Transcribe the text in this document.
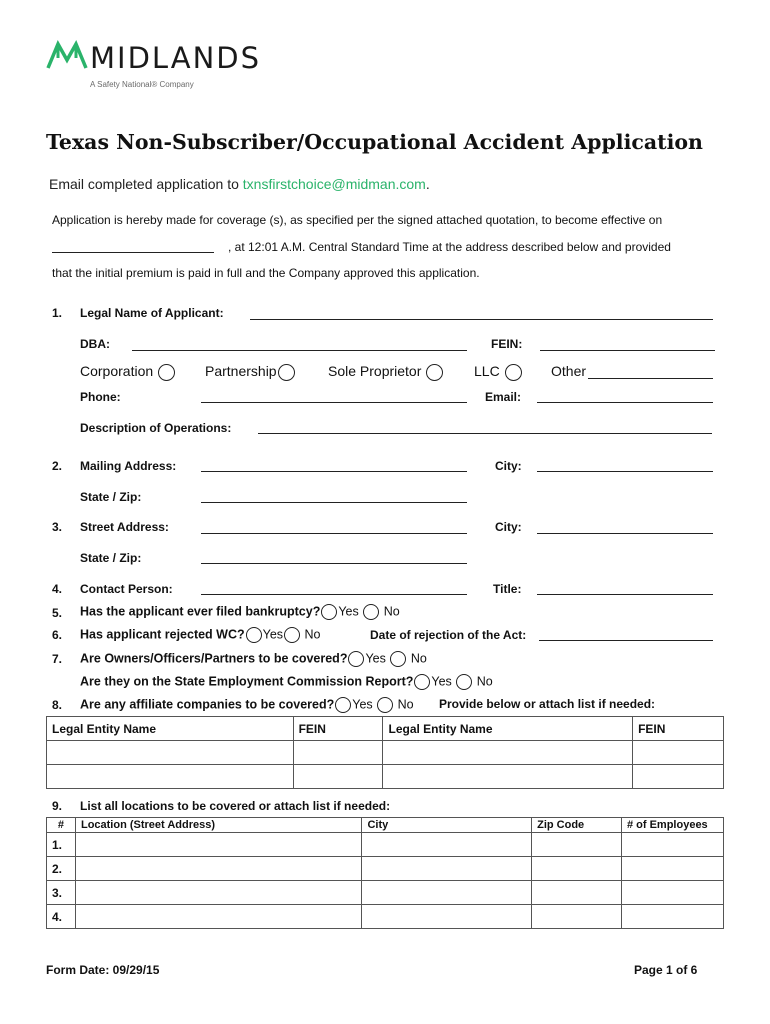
MIDLANDS
A Safety National® Company
Texas Non-Subscriber/Occupational Accident Application
Email completed application to txnsfirstchoice@midman.com.
Application is hereby made for coverage (s), as specified per the signed attached quotation, to become effective on
, at 12:01 A.M. Central Standard Time at the address described below and provided
that the initial premium is paid in full and the Company approved this application.
1. Legal Name of Applicant:
DBA:	FEIN:
Corporation	Partnership	Sole Proprietor	LLC	Other
Phone:	Email:
Description of Operations:
2. Mailing Address:	City:
State / Zip:
3. Street Address:	City:
State / Zip:
4. Contact Person:	Title:
5. Has the applicant ever filed bankruptcy? Yes No
6. Has applicant rejected WC? Yes No	Date of rejection of the Act:
7. Are Owners/Officers/Partners to be covered? Yes No
Are they on the State Employment Commission Report? Yes No
8. Are any affiliate companies to be covered? Yes No Provide below or attach list if needed:
Legal Entity Name	FEIN	Legal Entity Name	FEIN

9. List all locations to be covered or attach list if needed:
#	Location (Street Address)	City	Zip Code	# of Employees
1.				
2.				
3.				
4.				
Form Date: 09/29/15	Page 1 of 6
